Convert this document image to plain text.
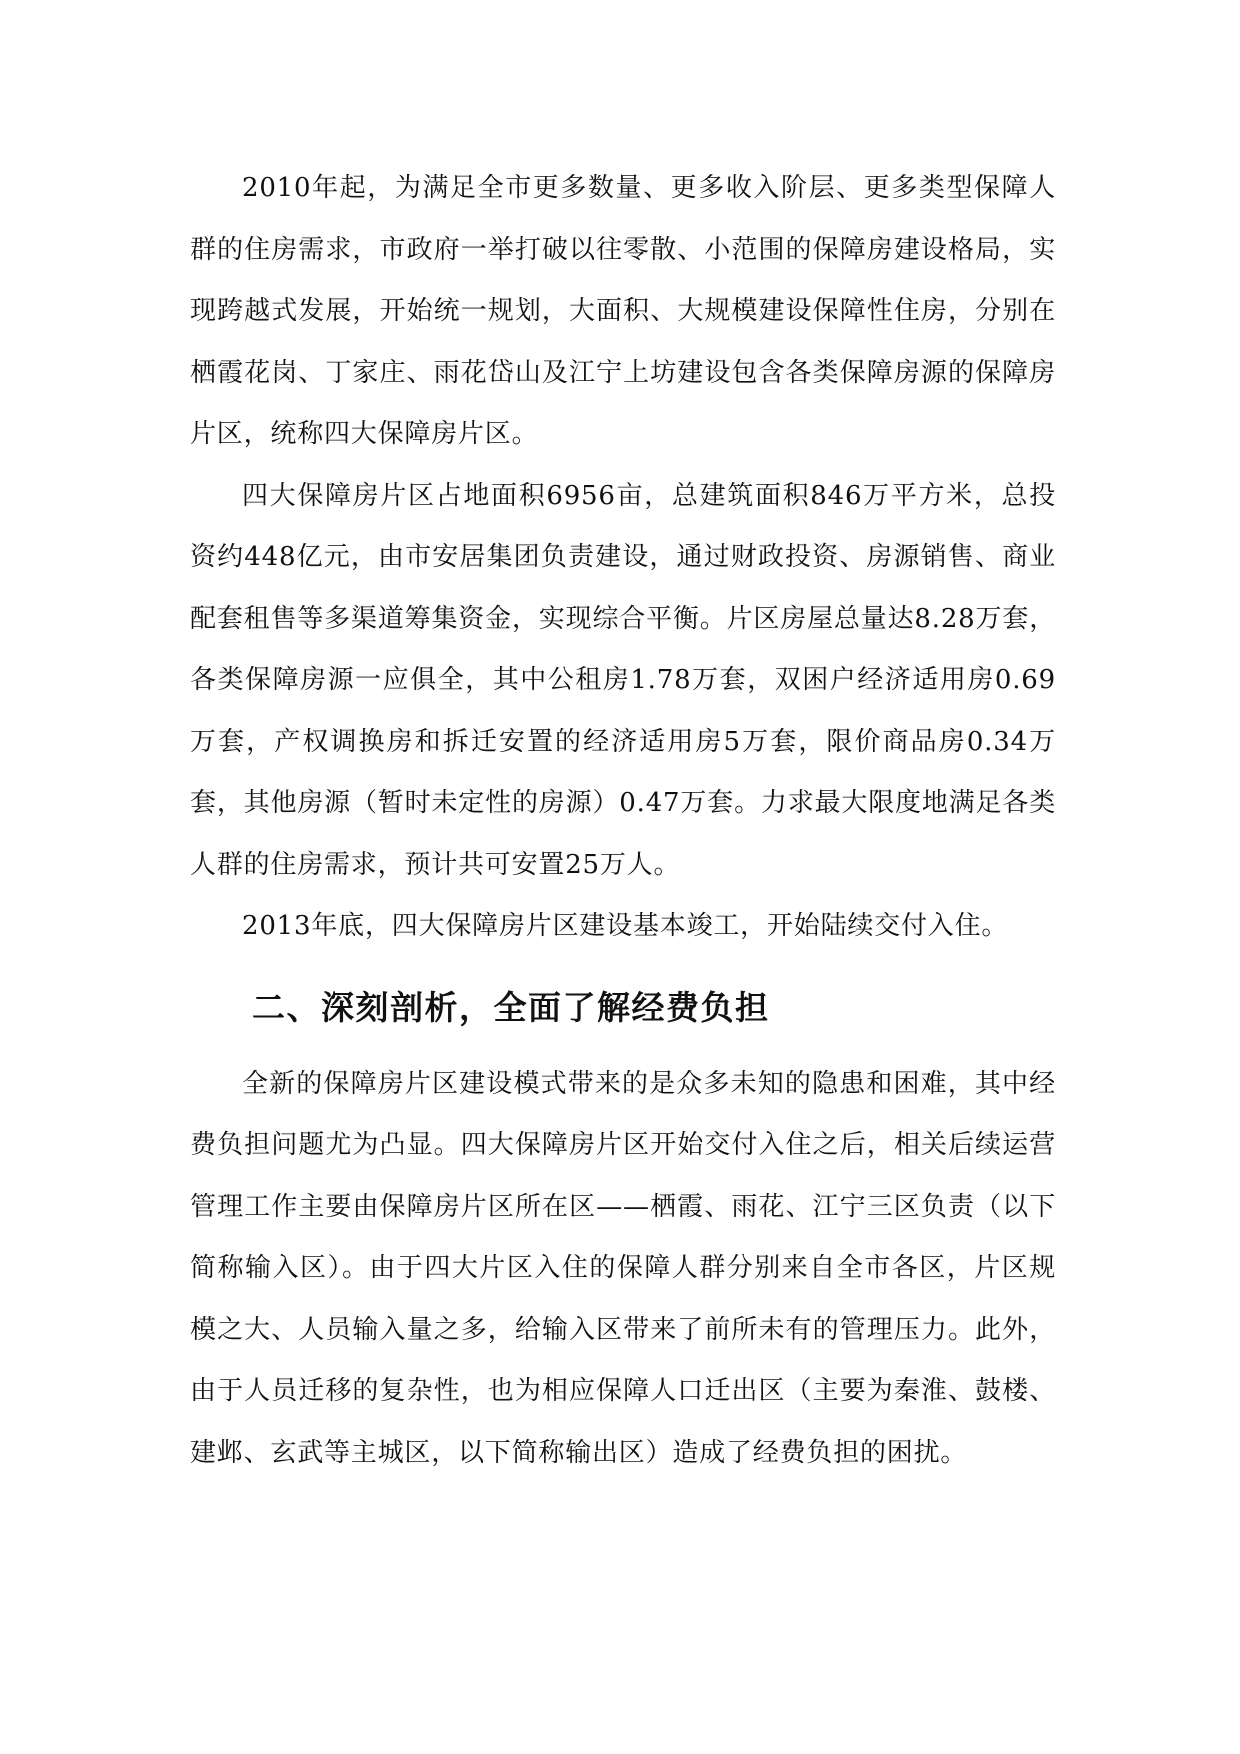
2010年起，为满足全市更多数量、更多收入阶层、更多类型保障人群的住房需求，市政府一举打破以往零散、小范围的保障房建设格局，实现跨越式发展，开始统一规划，大面积、大规模建设保障性住房，分别在栖霞花岗、丁家庄、雨花岱山及江宁上坊建设包含各类保障房源的保障房片区，统称四大保障房片区。

四大保障房片区占地面积6956亩，总建筑面积846万平方米，总投资约448亿元，由市安居集团负责建设，通过财政投资、房源销售、商业配套租售等多渠道筹集资金，实现综合平衡。片区房屋总量达8.28万套，各类保障房源一应俱全，其中公租房1.78万套，双困户经济适用房0.69万套，产权调换房和拆迁安置的经济适用房5万套，限价商品房0.34万套，其他房源（暂时未定性的房源）0.47万套。力求最大限度地满足各类人群的住房需求，预计共可安置25万人。

2013年底，四大保障房片区建设基本竣工，开始陆续交付入住。

二、深刻剖析，全面了解经费负担

全新的保障房片区建设模式带来的是众多未知的隐患和困难，其中经费负担问题尤为凸显。四大保障房片区开始交付入住之后，相关后续运营管理工作主要由保障房片区所在区——栖霞、雨花、江宁三区负责（以下简称输入区）。由于四大片区入住的保障人群分别来自全市各区，片区规模之大、人员输入量之多，给输入区带来了前所未有的管理压力。此外，由于人员迁移的复杂性，也为相应保障人口迁出区（主要为秦淮、鼓楼、建邺、玄武等主城区，以下简称输出区）造成了经费负担的困扰。
